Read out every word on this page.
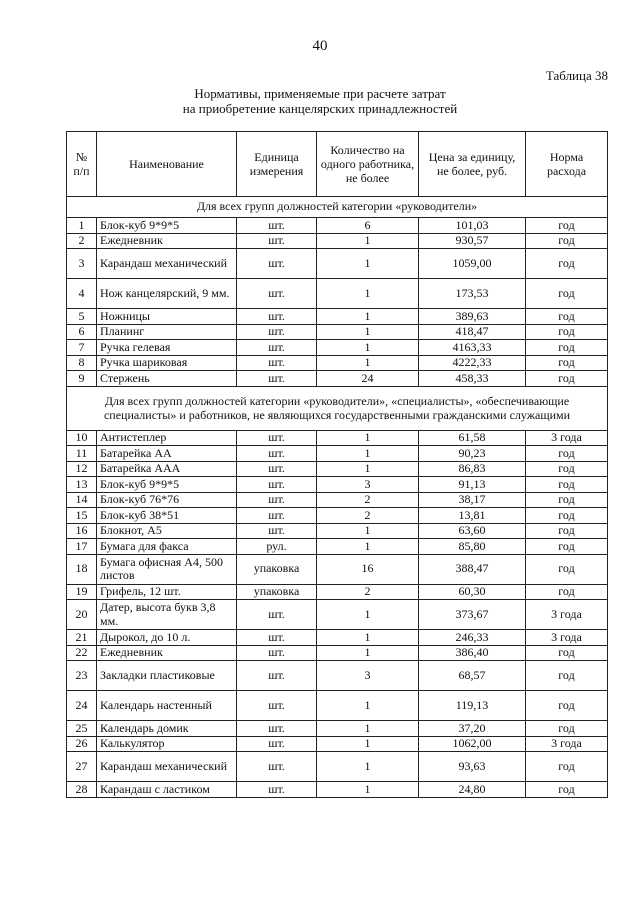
40
Таблица 38
Нормативы, применяемые при расчете затрат
на приобретение канцелярских принадлежностей
№ п/п	Наименование	Единица измерения	Количество на одного работника, не более	Цена за единицу, не более, руб.	Норма расхода
Для всех групп должностей категории «руководители»					
1	Блок-куб 9*9*5	шт.	6	101,03	год
2	Ежедневник	шт.	1	930,57	год
3	Карандаш механический	шт.	1	1059,00	год
4	Нож канцелярский, 9 мм.	шт.	1	173,53	год
5	Ножницы	шт.	1	389,63	год
6	Планинг	шт.	1	418,47	год
7	Ручка гелевая	шт.	1	4163,33	год
8	Ручка шариковая	шт.	1	4222,33	год
9	Стержень	шт.	24	458,33	год
Для всех групп должностей категории «руководители», «специалисты», «обеспечивающие специалисты» и работников, не являющихся государственными гражданскими служащими					
10	Антистеплер	шт.	1	61,58	3 года
11	Батарейка АА	шт.	1	90,23	год
12	Батарейка ААА	шт.	1	86,83	год
13	Блок-куб 9*9*5	шт.	3	91,13	год
14	Блок-куб 76*76	шт.	2	38,17	год
15	Блок-куб 38*51	шт.	2	13,81	год
16	Блокнот, А5	шт.	1	63,60	год
17	Бумага для факса	рул.	1	85,80	год
18	Бумага офисная А4, 500 листов	упаковка	16	388,47	год
19	Грифель, 12 шт.	упаковка	2	60,30	год
20	Датер, высота букв 3,8 мм.	шт.	1	373,67	3 года
21	Дырокол, до 10 л.	шт.	1	246,33	3 года
22	Ежедневник	шт.	1	386,40	год
23	Закладки пластиковые	шт.	3	68,57	год
24	Календарь настенный	шт.	1	119,13	год
25	Календарь домик	шт.	1	37,20	год
26	Калькулятор	шт.	1	1062,00	3 года
27	Карандаш механический	шт.	1	93,63	год
28	Карандаш с ластиком	шт.	1	24,80	год
